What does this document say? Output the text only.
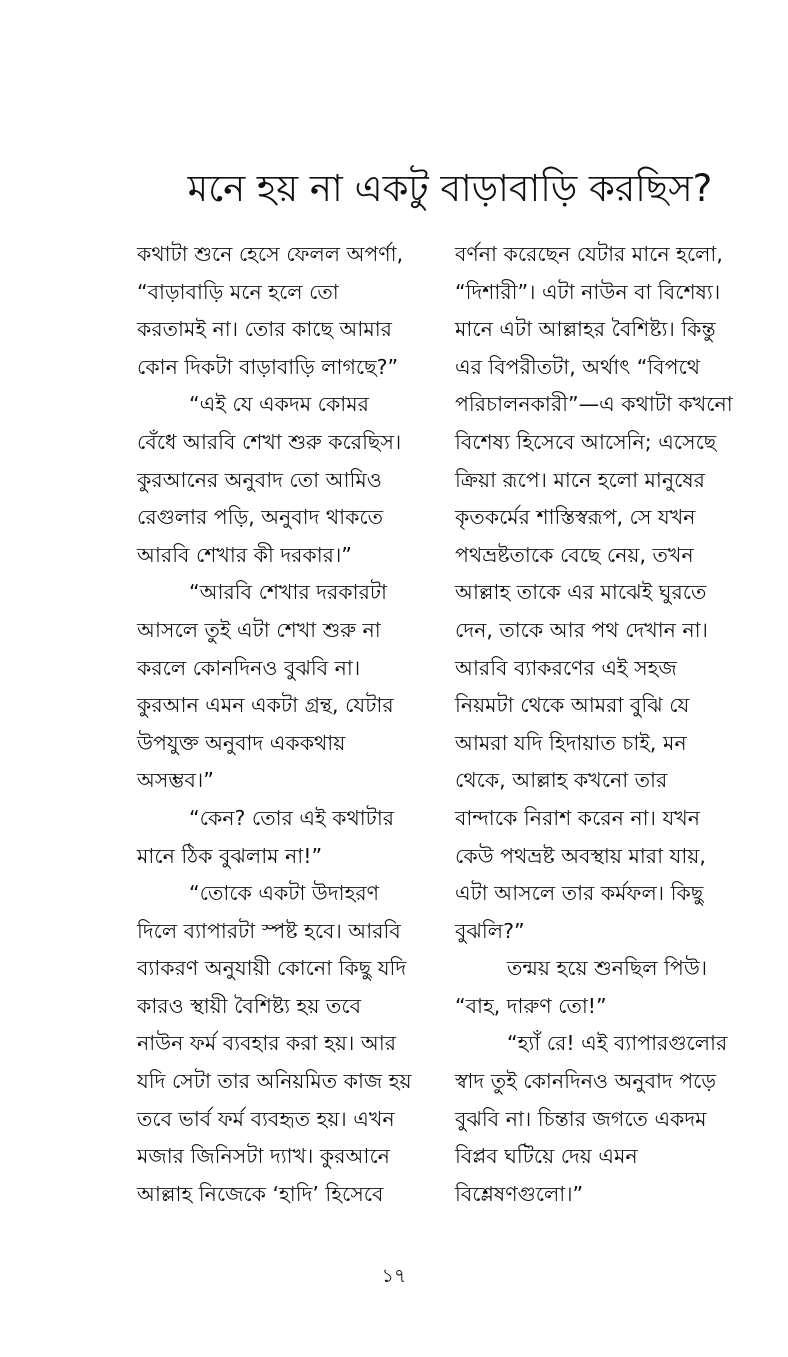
মনে হয় না একটু বাড়াবাড়ি করছিস?
কথাটা শুনে হেসে ফেলল অপর্ণা,
“বাড়াবাড়ি মনে হলে তো
করতামই না। তোর কাছে আমার
কোন দিকটা বাড়াবাড়ি লাগছে?”
“এই যে একদম কোমর
বেঁধে আরবি শেখা শুরু করেছিস।
কুরআনের অনুবাদ তো আমিও
রেগুলার পড়ি, অনুবাদ থাকতে
আরবি শেখার কী দরকার।”
“আরবি শেখার দরকারটা
আসলে তুই এটা শেখা শুরু না
করলে কোনদিনও বুঝবি না।
কুরআন এমন একটা গ্রন্থ, যেটার
উপযুক্ত অনুবাদ এককথায়
অসম্ভব।”
“কেন? তোর এই কথাটার
মানে ঠিক বুঝলাম না!”
“তোকে একটা উদাহরণ
দিলে ব্যাপারটা স্পষ্ট হবে। আরবি
ব্যাকরণ অনুযায়ী কোনো কিছু যদি
কারও স্থায়ী বৈশিষ্ট্য হয় তবে
নাউন ফর্ম ব্যবহার করা হয়। আর
যদি সেটা তার অনিয়মিত কাজ হয়
তবে ভার্ব ফর্ম ব্যবহৃত হয়। এখন
মজার জিনিসটা দ্যাখ। কুরআনে
আল্লাহ নিজেকে ‘হাদি’ হিসেবে
বর্ণনা করেছেন যেটার মানে হলো,
“দিশারী”। এটা নাউন বা বিশেষ্য।
মানে এটা আল্লাহর বৈশিষ্ট্য। কিন্তু
এর বিপরীতটা, অর্থাৎ “বিপথে
পরিচালনকারী”—এ কথাটা কখনো
বিশেষ্য হিসেবে আসেনি; এসেছে
ক্রিয়া রূপে। মানে হলো মানুষের
কৃতকর্মের শাস্তিস্বরূপ, সে যখন
পথভ্রষ্টতাকে বেছে নেয়, তখন
আল্লাহ তাকে এর মাঝেই ঘুরতে
দেন, তাকে আর পথ দেখান না।
আরবি ব্যাকরণের এই সহজ
নিয়মটা থেকে আমরা বুঝি যে
আমরা যদি হিদায়াত চাই, মন
থেকে, আল্লাহ কখনো তার
বান্দাকে নিরাশ করেন না। যখন
কেউ পথভ্রষ্ট অবস্থায় মারা যায়,
এটা আসলে তার কর্মফল। কিছু
বুঝলি?”
তন্ময় হয়ে শুনছিল পিউ।
“বাহ, দারুণ তো!”
“হ্যাঁ রে! এই ব্যাপারগুলোর
স্বাদ তুই কোনদিনও অনুবাদ পড়ে
বুঝবি না। চিন্তার জগতে একদম
বিপ্লব ঘটিয়ে দেয় এমন
বিশ্লেষণগুলো।”
১৭
